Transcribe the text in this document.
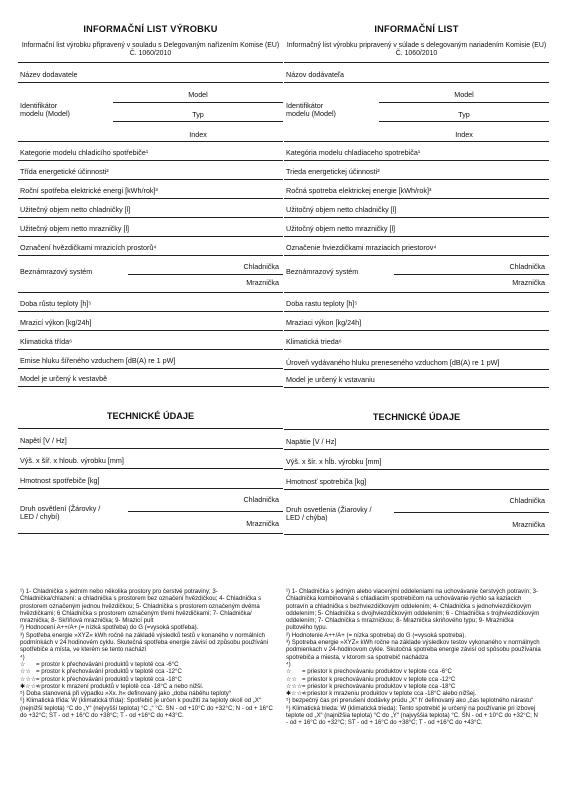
INFORMAČNÍ LIST VÝROBKU
Informační list výrobku připravený v souladu s Delegovaným nařízením Komise (EU) Č. 1060/2010
Název dodavatele
Identifikátor modelu (Model)
Model
Typ
Index
Kategorie modelu chladicího spotřebiče¹
Třída energetické účinnosti²
Roční spotřeba elektrické energi [kWh/rok]³
Užitečný objem netto chladničky [l]
Užitečný objem netto mrazničky [l]
Označení hvězdičkami mrazicích prostorů⁴
Beznámrazový systém
Chladnička
Mraznička
Doba růstu teploty [h]⁵
Mrazicí výkon [kg/24h]
Klimatická třída⁶
Emise hluku šířeného vzduchem [dB(A) re 1 pW]
Model je určený k vestavbě
TECHNICKÉ ÚDAJE
Napětí [V / Hz]
Výš. x šíř. x hloub. výrobku [mm]
Hmotnost spotřebiče [kg]
Druh osvětlení (Žárovky / LED / chybí)
Chladnička
Mraznička

¹) 1- Chladnička s jedním nebo několika prostory pro čerstvé potraviny; 3- Chladnička/chlazení: a chladnička s prostorem bez označení hvězdičkou; 4- Chladnička s prostorem označeným jednou hvězdičkou; 5- Chladnička s prostorem označeným dvěma hvězdičkami; 6 Chladnička s prostorem označeným třemi hvězdičkami; 7- Chladnička/ mraznička; 8- Skříňová mraznička; 9- Mrazicí pult

²) Hodnocení A++/A+ (= nízká spotřeba) do G (=vysoká spotřeba).

³) Spotřeba energie »XYZ« kWh ročně na základě výsledků testů v konaného v normálních podmínkách v 24 hodinovém cyklu. Skutečná spotřeba energie závisí od způsobu používání spotřebiče a místa, ve kterém se tento nachází

⁴)

☆ = prostor k přechovávání produktů v teplotě cca -6°C

☆☆ = prostor k přechovávání produktů v teplotě cca -12°C

☆☆☆= prostor k přechovávání produktů v teplotě cca -18°C

✱☆☆☆= prostor k mrazení produktů v teplotě cca -18°C a nebo nižší.

⁵) Doba stanovená při výpadku »Xx..h« definovaný jako „doba náběhu teploty“

⁶) Klimatická třída: W (klimatická třída): Spotřebič je určen k použití za teploty okolí od „X“ (nejnižší teplota) °C do „Y“ (nejvyšší teplota) °C „“ °C. SN - od +10°C do +32°C; N - od + 16°C do +32°C; ST - od + 16°C do +38°C; T - od +16°C do +43°C.

INFORMAČNÍ LIST
Informačný list výrobku pripravený v súlade s delegovaným nariadením Komisie (EU) Č. 1060/2010
Názov dodávateľa
Identifikátor modelu (Model)
Model
Typ
Index
Kategória modelu chladiaceho spotrebiča¹
Trieda energetickej účinnosti²
Ročná spotreba elektrickej energie [kWh/rok]³
Užitočný objem netto chladničky [l]
Užitočný objem netto mrazničky [l]
Označenie hviezdičkami mraziacich priestorov⁴
Beznámrazový systém
Chladnička
Mraznička
Doba rastu teploty [h]⁵
Mraziaci výkon [kg/24h]
Klimatická trieda⁶
Úroveň vydávaného hluku preneseného vzduchom [dB(A) re 1 pW]
Model je určený k vstavaniu
TECHNICKÉ ÚDAJE
Napätie [V / Hz]
Výš. x šír. x hĺb. výrobku [mm]
Hmotnosť spotrebiča [kg]
Druh osvetlenia (Žiarovky / LED / chýba)
Chladnička
Mraznička

¹) 1- Chladnička s jedným alebo viacerými oddeleniami na uchovávanie čerstvých potravín; 3- Chladnička kombinovaná s chladiacim spotrebičom na uchovávanie rýchlo sa kaziacich potravín a chladnička s bezhviezdičkovým oddelením; 4- Chladnička s jednohviezdičkovým oddelením; 5- Chladnička s dvojhviezdičkovým oddelením; 6 - Chladnička s trojhviezdičkovým oddelením; 7- Chladnička s mrazničkou; 8- Mraznička skriňového typu; 9- Mraznička pultového typu.

²) Hodnotenie A++/A+ (= nízka spotreba) do G (=vysoká spotreba).

³) Spotreba energie »XYZ« kWh ročne na základe výsledkov testov vykonaného v normálnych podmienkach v 24-hodinovom cykle. Skutočná spotreba energie závisí od spôsobu používania spotrebiča a miesta, v ktorom sa spotrebič nachádza

⁴)

☆ = priestor k prechovávaniu produktov v teplote cca -6°C

☆☆ = priestor k prechovávaniu produktov v teplote cca -12°C

☆☆☆= priestor k prechovávaniu produktov v teplote cca -18°C

✱☆☆☆= priestor k mrazeniu produktov v teplote cca -18°C alebo nižšej.

⁵) bezpečný čas pri prerušení dodávky prúdu „X“ h' definovaný ako „čas teplotného nárastu“

⁶) Klimatická trieda: W (klimatická trieda): Tento spotrebič je určený na používanie pri izbovej teplote od „X“ (najnižšia teplota) °C do „Y“ (najvyššia teplota) °C. SN - od + 10°C do +32°C; N - od + 16°C do +32°C; ST - od + 16°C do +38°C; T - od +16°C do +43°C.
